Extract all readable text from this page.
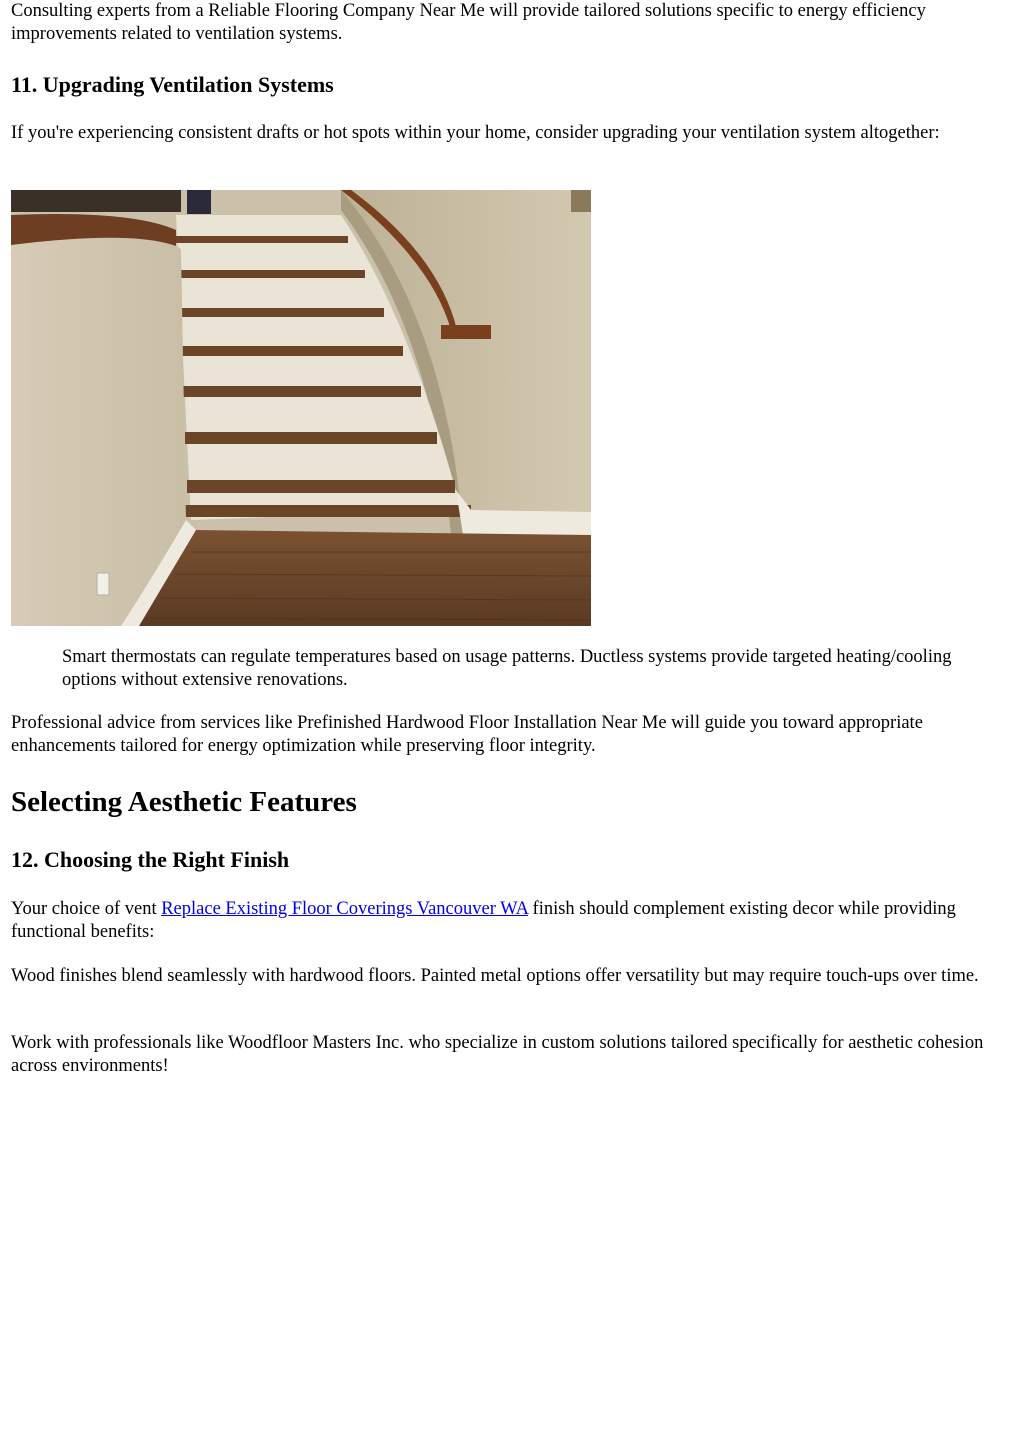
Consulting experts from a Reliable Flooring Company Near Me will provide tailored solutions specific to energy efficiency improvements related to ventilation systems.

11. Upgrading Ventilation Systems

If you're experiencing consistent drafts or hot spots within your home, consider upgrading your ventilation system altogether:

Smart thermostats can regulate temperatures based on usage patterns. Ductless systems provide targeted heating/cooling options without extensive renovations.

Professional advice from services like Prefinished Hardwood Floor Installation Near Me will guide you toward appropriate enhancements tailored for energy optimization while preserving floor integrity.

Selecting Aesthetic Features
12. Choosing the Right Finish

Your choice of vent Replace Existing Floor Coverings Vancouver WA finish should complement existing decor while providing functional benefits:

Wood finishes blend seamlessly with hardwood floors. Painted metal options offer versatility but may require touch-ups over time.

Work with professionals like Woodfloor Masters Inc. who specialize in custom solutions tailored specifically for aesthetic cohesion across environments!
